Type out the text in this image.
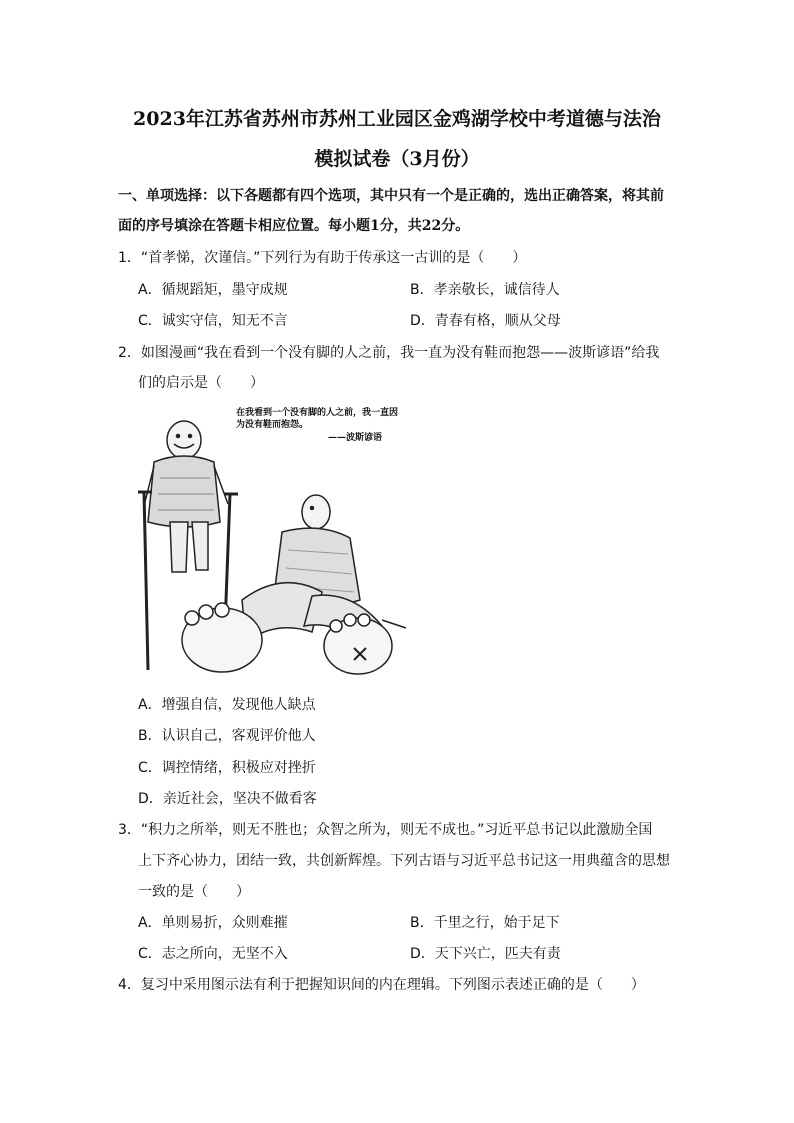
2023年江苏省苏州市苏州工业园区金鸡湖学校中考道德与法治
模拟试卷（3月份）
一、单项选择：以下各题都有四个选项，其中只有一个是正确的，选出正确答案，将其前
面的序号填涂在答题卡相应位置。每小题1分，共22分。
1．“首孝悌，次谨信。”下列行为有助于传承这一古训的是（　　）
A．循规蹈矩，墨守成规	B．孝亲敬长，诚信待人
C．诚实守信，知无不言	D．青春有格，顺从父母
2．如图漫画“我在看到一个没有脚的人之前，我一直为没有鞋而抱怨——波斯谚语”给我
们的启示是（　　）
在我看到一个没有脚的人之前，我一直因
为没有鞋而抱怨。
——波斯谚语
A．增强自信，发现他人缺点
B．认识自己，客观评价他人
C．调控情绪，积极应对挫折
D．亲近社会，坚决不做看客
3．“积力之所举，则无不胜也；众智之所为，则无不成也。”习近平总书记以此激励全国
上下齐心协力，团结一致，共创新辉煌。下列古语与习近平总书记这一用典蕴含的思想
一致的是（　　）
A．单则易折，众则难摧	B．千里之行，始于足下
C．志之所向，无坚不入	D．天下兴亡，匹夫有责
4．复习中采用图示法有利于把握知识间的内在理辑。下列图示表述正确的是（　　）
